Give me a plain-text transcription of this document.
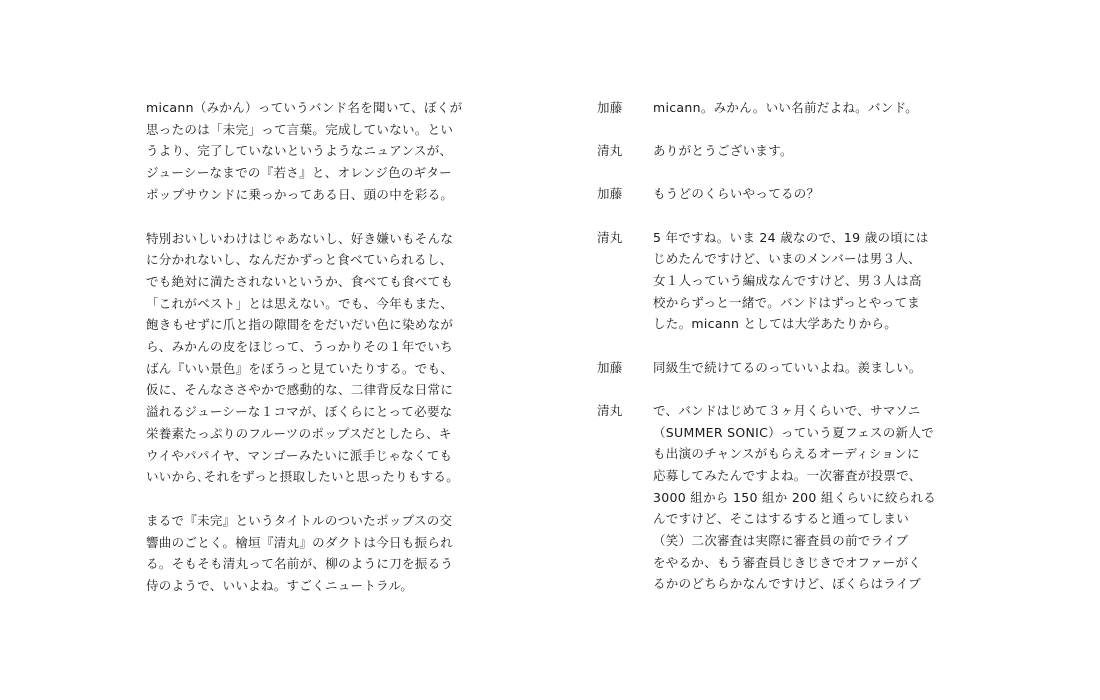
micann（みかん）っていうバンド名を聞いて、ぼくが
思ったのは「未完」って言葉。完成していない。とい
うより、完了していないというようなニュアンスが、
ジューシーなまでの『若さ』と、オレンジ色のギター
ポップサウンドに乗っかってある日、頭の中を彩る。

特別おいしいわけはじゃあないし、好き嫌いもそんな
に分かれないし、なんだかずっと食べていられるし、
でも絶対に満たされないというか、食べても食べても
「これがベスト」とは思えない。でも、今年もまた、
飽きもせずに爪と指の隙間ををだいだい色に染めなが
ら、みかんの皮をほじって、うっかりその１年でいち
ばん『いい景色』をぼうっと見ていたりする。でも、
仮に、そんなささやかで感動的な、二律背反な日常に
溢れるジューシーな１コマが、ぼくらにとって必要な
栄養素たっぷりのフルーツのポップスだとしたら、キ
ウイやパパイヤ、マンゴーみたいに派手じゃなくても
いいから､それをずっと摂取したいと思ったりもする。

まるで『未完』というタイトルのついたポップスの交
響曲のごとく。檜垣『清丸』のダクトは今日も振られ
る。そもそも清丸って名前が、柳のように刀を振るう
侍のようで、いいよね。すごくニュートラル。

加藤 micann。みかん。いい名前だよね。バンド。
清丸 ありがとうございます。
加藤 もうどのくらいやってるの？
清丸 5 年ですね。いま 24 歳なので、19 歳の頃には
じめたんですけど、いまのメンバーは男３人、
女１人っていう編成なんですけど、男３人は高
校からずっと一緒で。バンドはずっとやってま
した。micann としては大学あたりから。
加藤 同級生で続けてるのっていいよね。羨ましい。
清丸 で、バンドはじめて３ヶ月くらいで、サマソニ
（SUMMER SONIC）っていう夏フェスの新人で
も出演のチャンスがもらえるオーディションに
応募してみたんですよね。一次審査が投票で、
3000 組から 150 組か 200 組くらいに絞られる
んですけど、そこはするすると通ってしまい
（笑）二次審査は実際に審査員の前でライブ
をやるか、もう審査員じきじきでオファーがく
るかのどちらかなんですけど、ぼくらはライブ
